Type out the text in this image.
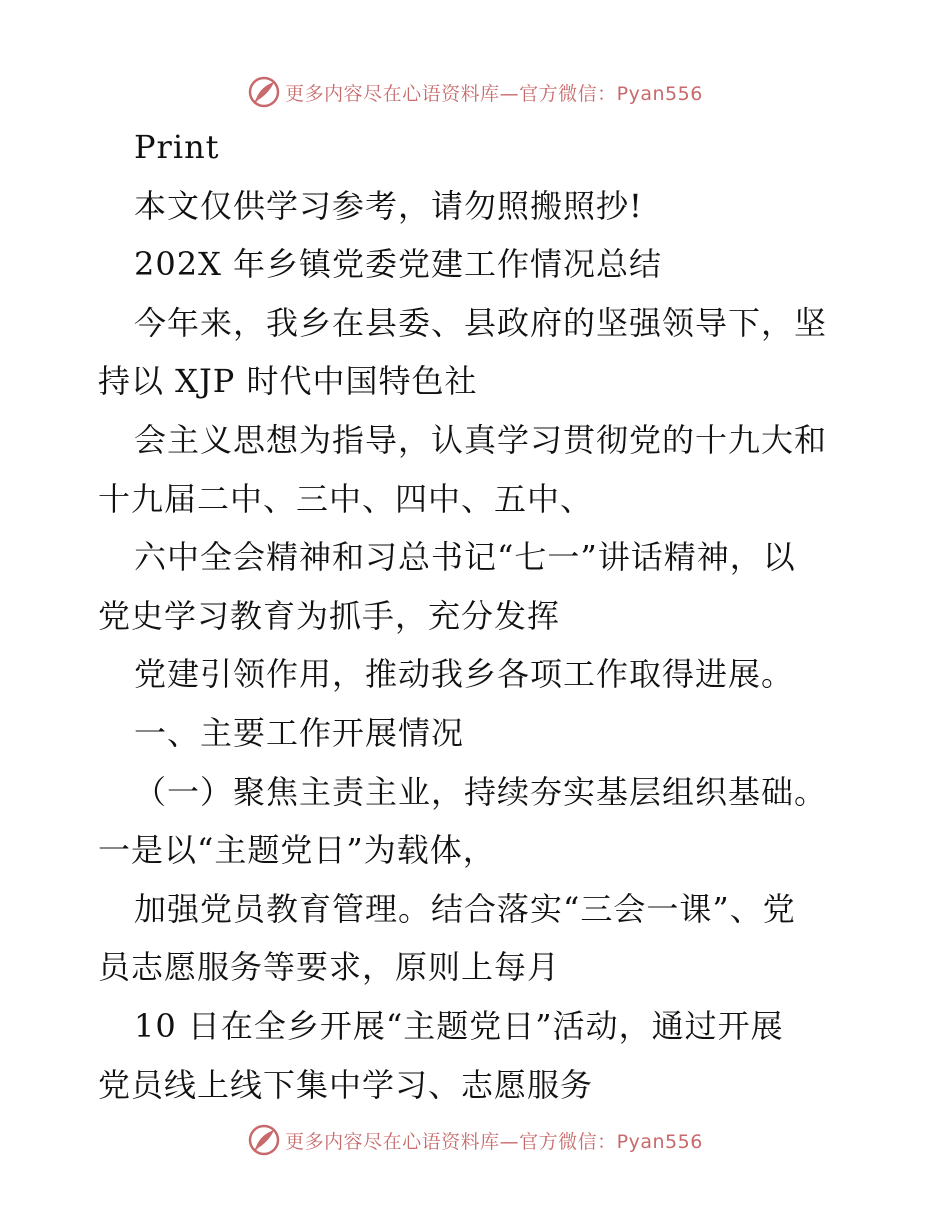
更多内容尽在心语资料库—官方微信：Pyan556
Print
本文仅供学习参考，请勿照搬照抄!
202X 年乡镇党委党建工作情况总结
今年来，我乡在县委、县政府的坚强领导下，坚
持以 XJP 时代中国特色社
会主义思想为指导，认真学习贯彻党的十九大和
十九届二中、三中、四中、五中、
六中全会精神和习总书记“七一”讲话精神，以
党史学习教育为抓手，充分发挥
党建引领作用，推动我乡各项工作取得进展。
一、主要工作开展情况
（一）聚焦主责主业，持续夯实基层组织基础。
一是以“主题党日”为载体，
加强党员教育管理。结合落实“三会一课”、党
员志愿服务等要求，原则上每月
10 日在全乡开展“主题党日”活动，通过开展
党员线上线下集中学习、志愿服务
更多内容尽在心语资料库—官方微信：Pyan556
